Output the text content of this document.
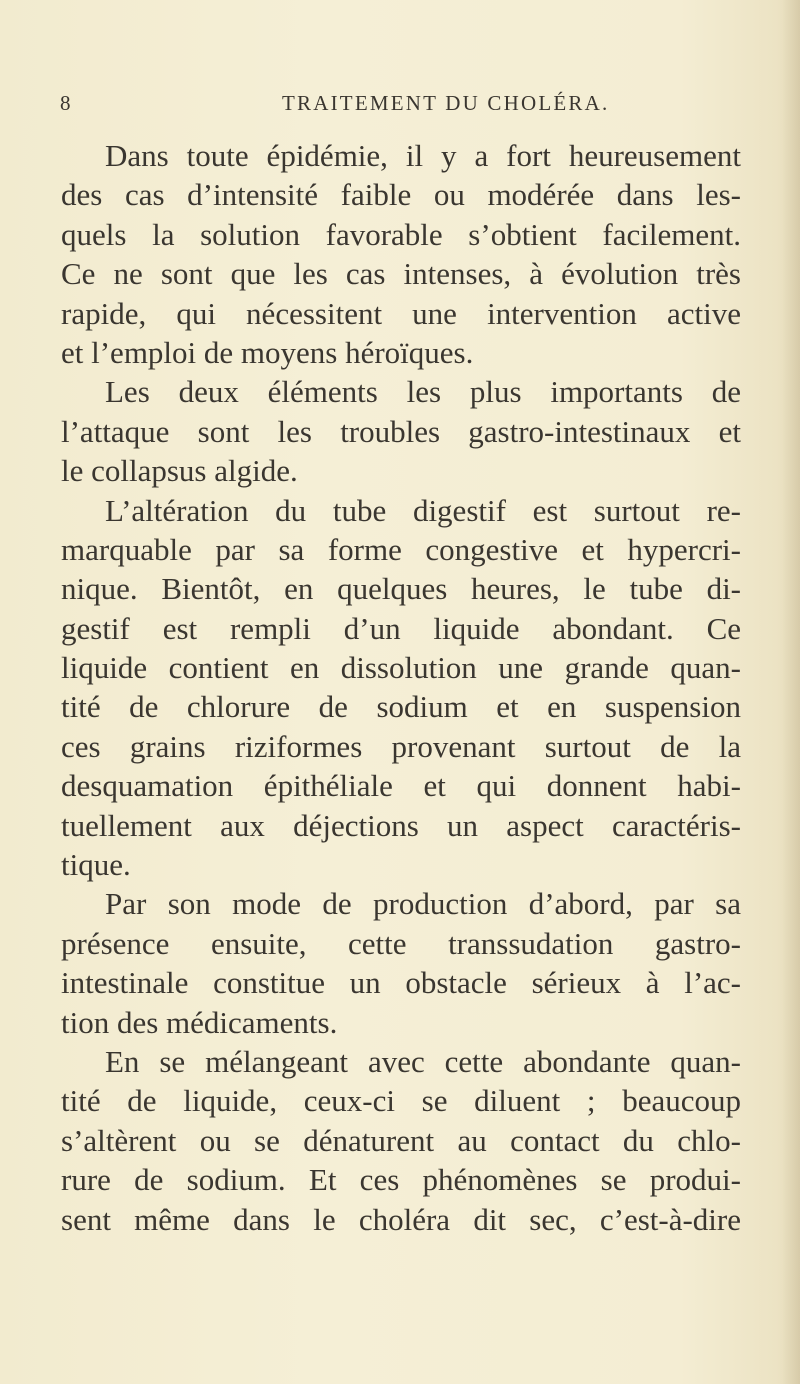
8	TRAITEMENT DU CHOLÉRA.
Dans toute épidémie, il y a fort heureusement
des cas d’intensité faible ou modérée dans les-
quels la solution favorable s’obtient facilement.
Ce ne sont que les cas intenses, à évolution très
rapide, qui nécessitent une intervention active
et l’emploi de moyens héroïques.
Les deux éléments les plus importants de
l’attaque sont les troubles gastro-intestinaux et
le collapsus algide.
L’altération du tube digestif est surtout re-
marquable par sa forme congestive et hypercri-
nique. Bientôt, en quelques heures, le tube di-
gestif est rempli d’un liquide abondant. Ce
liquide contient en dissolution une grande quan-
tité de chlorure de sodium et en suspension
ces grains riziformes provenant surtout de la
desquamation épithéliale et qui donnent habi-
tuellement aux déjections un aspect caractéris-
tique.
Par son mode de production d’abord, par sa
présence ensuite, cette transsudation gastro-
intestinale constitue un obstacle sérieux à l’ac-
tion des médicaments.
En se mélangeant avec cette abondante quan-
tité de liquide, ceux-ci se diluent ; beaucoup
s’altèrent ou se dénaturent au contact du chlo-
rure de sodium. Et ces phénomènes se produi-
sent même dans le choléra dit sec, c’est-à-dire
